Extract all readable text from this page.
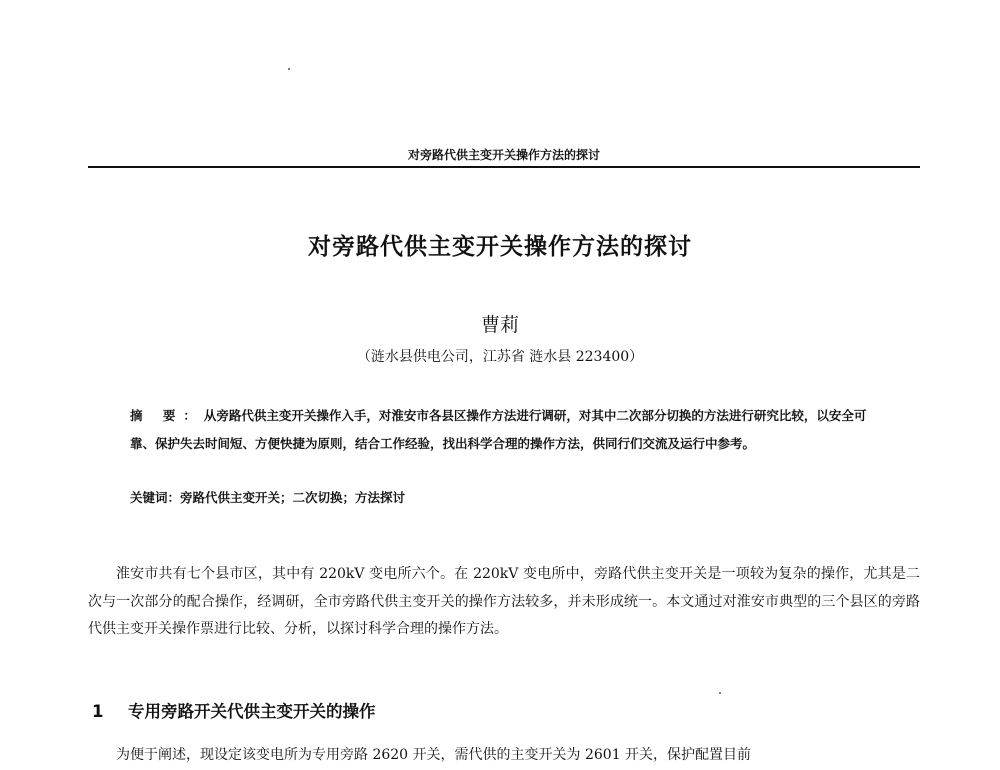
对旁路代供主变开关操作方法的探讨
对旁路代供主变开关操作方法的探讨
曹莉
（涟水县供电公司，江苏省 涟水县 223400）
摘 要：从旁路代供主变开关操作入手，对淮安市各县区操作方法进行调研，对其中二次部分切换的方法进行研究比较，以安全可靠、保护失去时间短、方便快捷为原则，结合工作经验，找出科学合理的操作方法，供同行们交流及运行中参考。
关键词：旁路代供主变开关；二次切换；方法探讨

淮安市共有七个县市区，其中有 220kV 变电所六个。在 220kV 变电所中，旁路代供主变开关是一项较为复杂的操作，尤其是二次与一次部分的配合操作，经调研，全市旁路代供主变开关的操作方法较多，并未形成统一。本文通过对淮安市典型的三个县区的旁路代供主变开关操作票进行比较、分析，以探讨科学合理的操作方法。

1 专用旁路开关代供主变开关的操作

为便于阐述，现设定该变电所为专用旁路 2620 开关，需代供的主变开关为 2601 开关，保护配置目前
